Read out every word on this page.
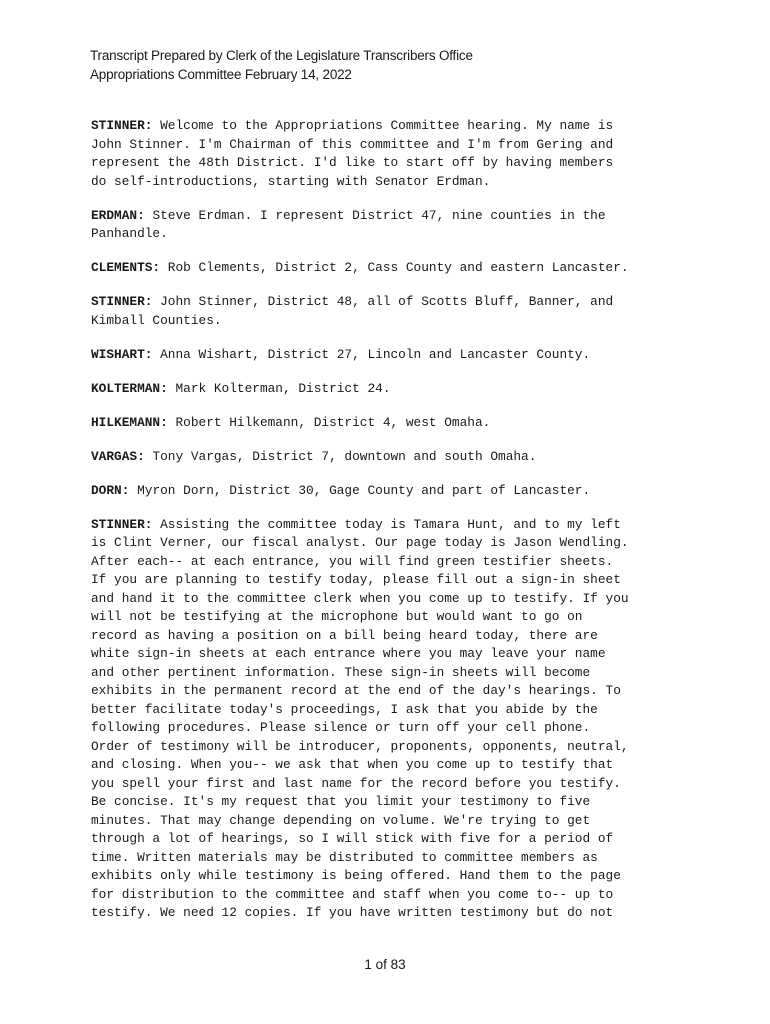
Transcript Prepared by Clerk of the Legislature Transcribers Office
Appropriations Committee February 14, 2022
STINNER: Welcome to the Appropriations Committee hearing. My name is
John Stinner. I'm Chairman of this committee and I'm from Gering and
represent the 48th District. I'd like to start off by having members
do self-introductions, starting with Senator Erdman.
ERDMAN: Steve Erdman. I represent District 47, nine counties in the
Panhandle.
CLEMENTS: Rob Clements, District 2, Cass County and eastern Lancaster.
STINNER: John Stinner, District 48, all of Scotts Bluff, Banner, and
Kimball Counties.
WISHART: Anna Wishart, District 27, Lincoln and Lancaster County.
KOLTERMAN: Mark Kolterman, District 24.
HILKEMANN: Robert Hilkemann, District 4, west Omaha.
VARGAS: Tony Vargas, District 7, downtown and south Omaha.
DORN: Myron Dorn, District 30, Gage County and part of Lancaster.
STINNER: Assisting the committee today is Tamara Hunt, and to my left
is Clint Verner, our fiscal analyst. Our page today is Jason Wendling.
After each-- at each entrance, you will find green testifier sheets.
If you are planning to testify today, please fill out a sign-in sheet
and hand it to the committee clerk when you come up to testify. If you
will not be testifying at the microphone but would want to go on
record as having a position on a bill being heard today, there are
white sign-in sheets at each entrance where you may leave your name
and other pertinent information. These sign-in sheets will become
exhibits in the permanent record at the end of the day's hearings. To
better facilitate today's proceedings, I ask that you abide by the
following procedures. Please silence or turn off your cell phone.
Order of testimony will be introducer, proponents, opponents, neutral,
and closing. When you-- we ask that when you come up to testify that
you spell your first and last name for the record before you testify.
Be concise. It's my request that you limit your testimony to five
minutes. That may change depending on volume. We're trying to get
through a lot of hearings, so I will stick with five for a period of
time. Written materials may be distributed to committee members as
exhibits only while testimony is being offered. Hand them to the page
for distribution to the committee and staff when you come to-- up to
testify. We need 12 copies. If you have written testimony but do not
1 of 83
